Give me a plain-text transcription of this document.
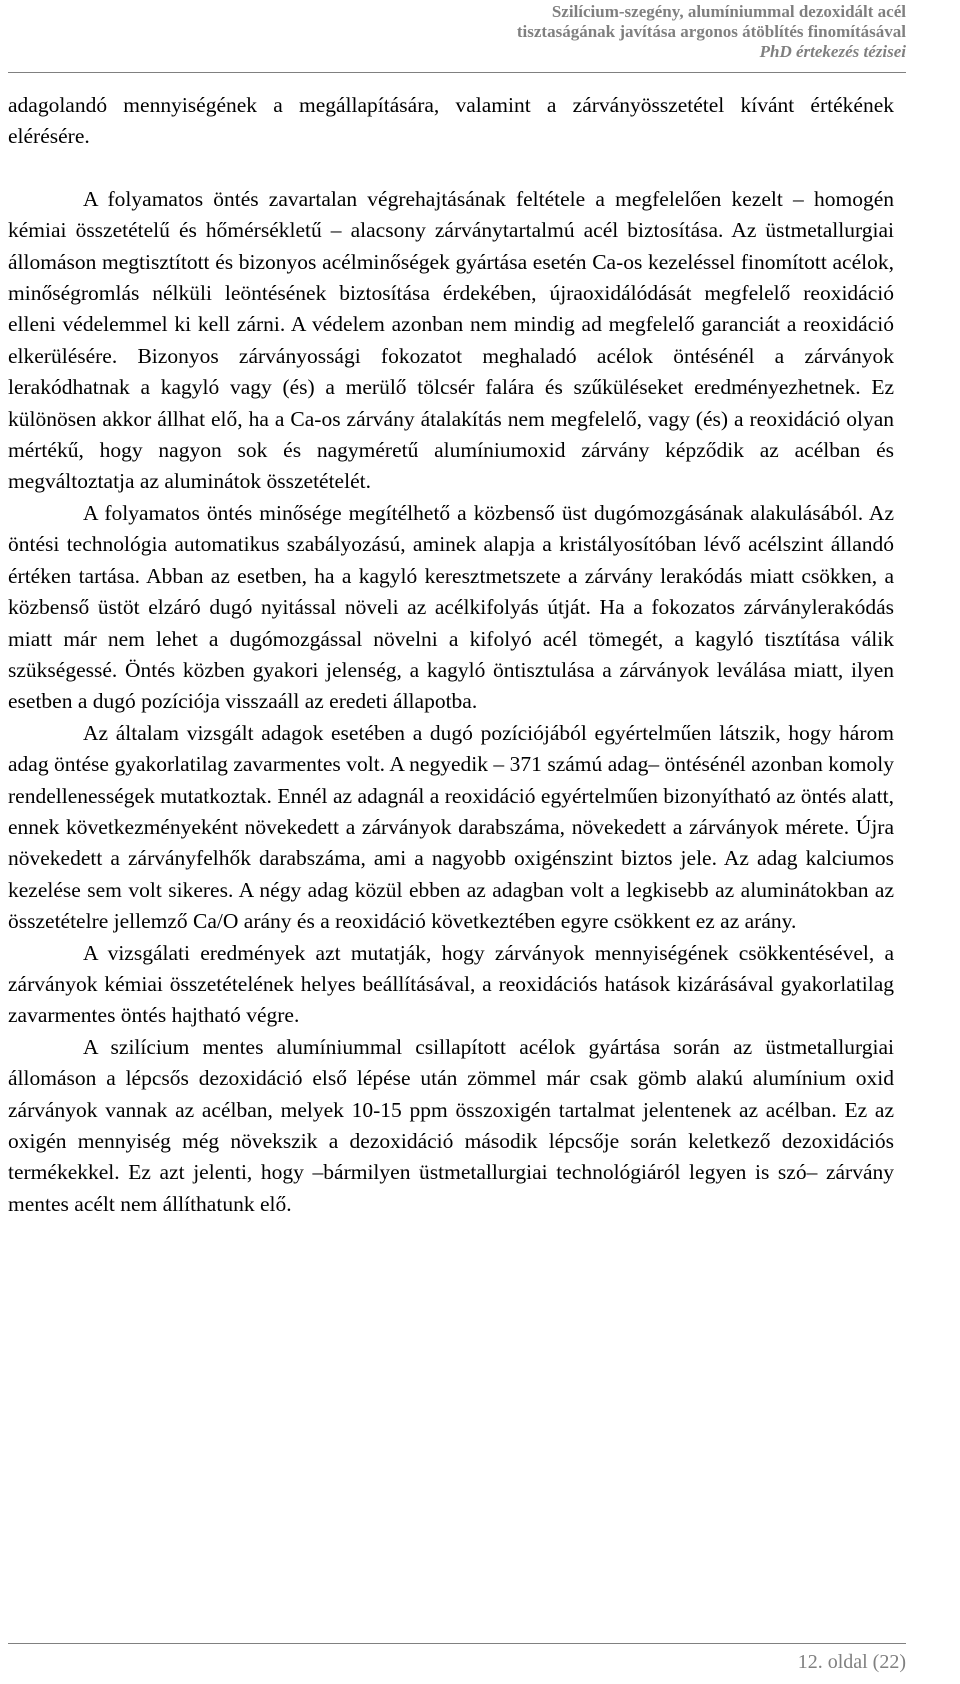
Szilícium-szegény, alumíniummal dezoxidált acél
tisztaságának javítása argonos átöblítés finomításával
PhD értekezés tézisei

adagolandó mennyiségének a megállapítására, valamint a zárványösszetétel kívánt értékének elérésére.

A folyamatos öntés zavartalan végrehajtásának feltétele a megfelelően kezelt – homogén kémiai összetételű és hőmérsékletű – alacsony zárványtartalmú acél biztosítása. Az üstmetallurgiai állomáson megtisztított és bizonyos acélminőségek gyártása esetén Ca-os kezeléssel finomított acélok, minőségromlás nélküli leöntésének biztosítása érdekében, újraoxidálódását megfelelő reoxidáció elleni védelemmel ki kell zárni. A védelem azonban nem mindig ad megfelelő garanciát a reoxidáció elkerülésére. Bizonyos zárványossági fokozatot meghaladó acélok öntésénél a zárványok lerakódhatnak a kagyló vagy (és) a merülő tölcsér falára és szűküléseket eredményezhetnek. Ez különösen akkor állhat elő, ha a Ca-os zárvány átalakítás nem megfelelő, vagy (és) a reoxidáció olyan mértékű, hogy nagyon sok és nagyméretű alumíniumoxid zárvány képződik az acélban és megváltoztatja az aluminátok összetételét.

A folyamatos öntés minősége megítélhető a közbenső üst dugómozgásának alakulásából. Az öntési technológia automatikus szabályozású, aminek alapja a kristályosítóban lévő acélszint állandó értéken tartása. Abban az esetben, ha a kagyló keresztmetszete a zárvány lerakódás miatt csökken, a közbenső üstöt elzáró dugó nyitással növeli az acélkifolyás útját. Ha a fokozatos zárványlerakódás miatt már nem lehet a dugómozgással növelni a kifolyó acél tömegét, a kagyló tisztítása válik szükségessé. Öntés közben gyakori jelenség, a kagyló öntisztulása a zárványok leválása miatt, ilyen esetben a dugó pozíciója visszaáll az eredeti állapotba.

Az általam vizsgált adagok esetében a dugó pozíciójából egyértelműen látszik, hogy három adag öntése gyakorlatilag zavarmentes volt. A negyedik – 371 számú adag– öntésénél azonban komoly rendellenességek mutatkoztak. Ennél az adagnál a reoxidáció egyértelműen bizonyítható az öntés alatt, ennek következményeként növekedett a zárványok darabszáma, növekedett a zárványok mérete. Újra növekedett a zárványfelhők darabszáma, ami a nagyobb oxigénszint biztos jele. Az adag kalciumos kezelése sem volt sikeres. A négy adag közül ebben az adagban volt a legkisebb az aluminátokban az összetételre jellemző Ca/O arány és a reoxidáció következtében egyre csökkent ez az arány.

A vizsgálati eredmények azt mutatják, hogy zárványok mennyiségének csökkentésével, a zárványok kémiai összetételének helyes beállításával, a reoxidációs hatások kizárásával gyakorlatilag zavarmentes öntés hajtható végre.

A szilícium mentes alumíniummal csillapított acélok gyártása során az üstmetallurgiai állomáson a lépcsős dezoxidáció első lépése után zömmel már csak gömb alakú alumínium oxid zárványok vannak az acélban, melyek 10-15 ppm összoxigén tartalmat jelentenek az acélban. Ez az oxigén mennyiség még növekszik a dezoxidáció második lépcsője során keletkező dezoxidációs termékekkel. Ez azt jelenti, hogy –bármilyen üstmetallurgiai technológiáról legyen is szó– zárvány mentes acélt nem állíthatunk elő.

12. oldal (22)
